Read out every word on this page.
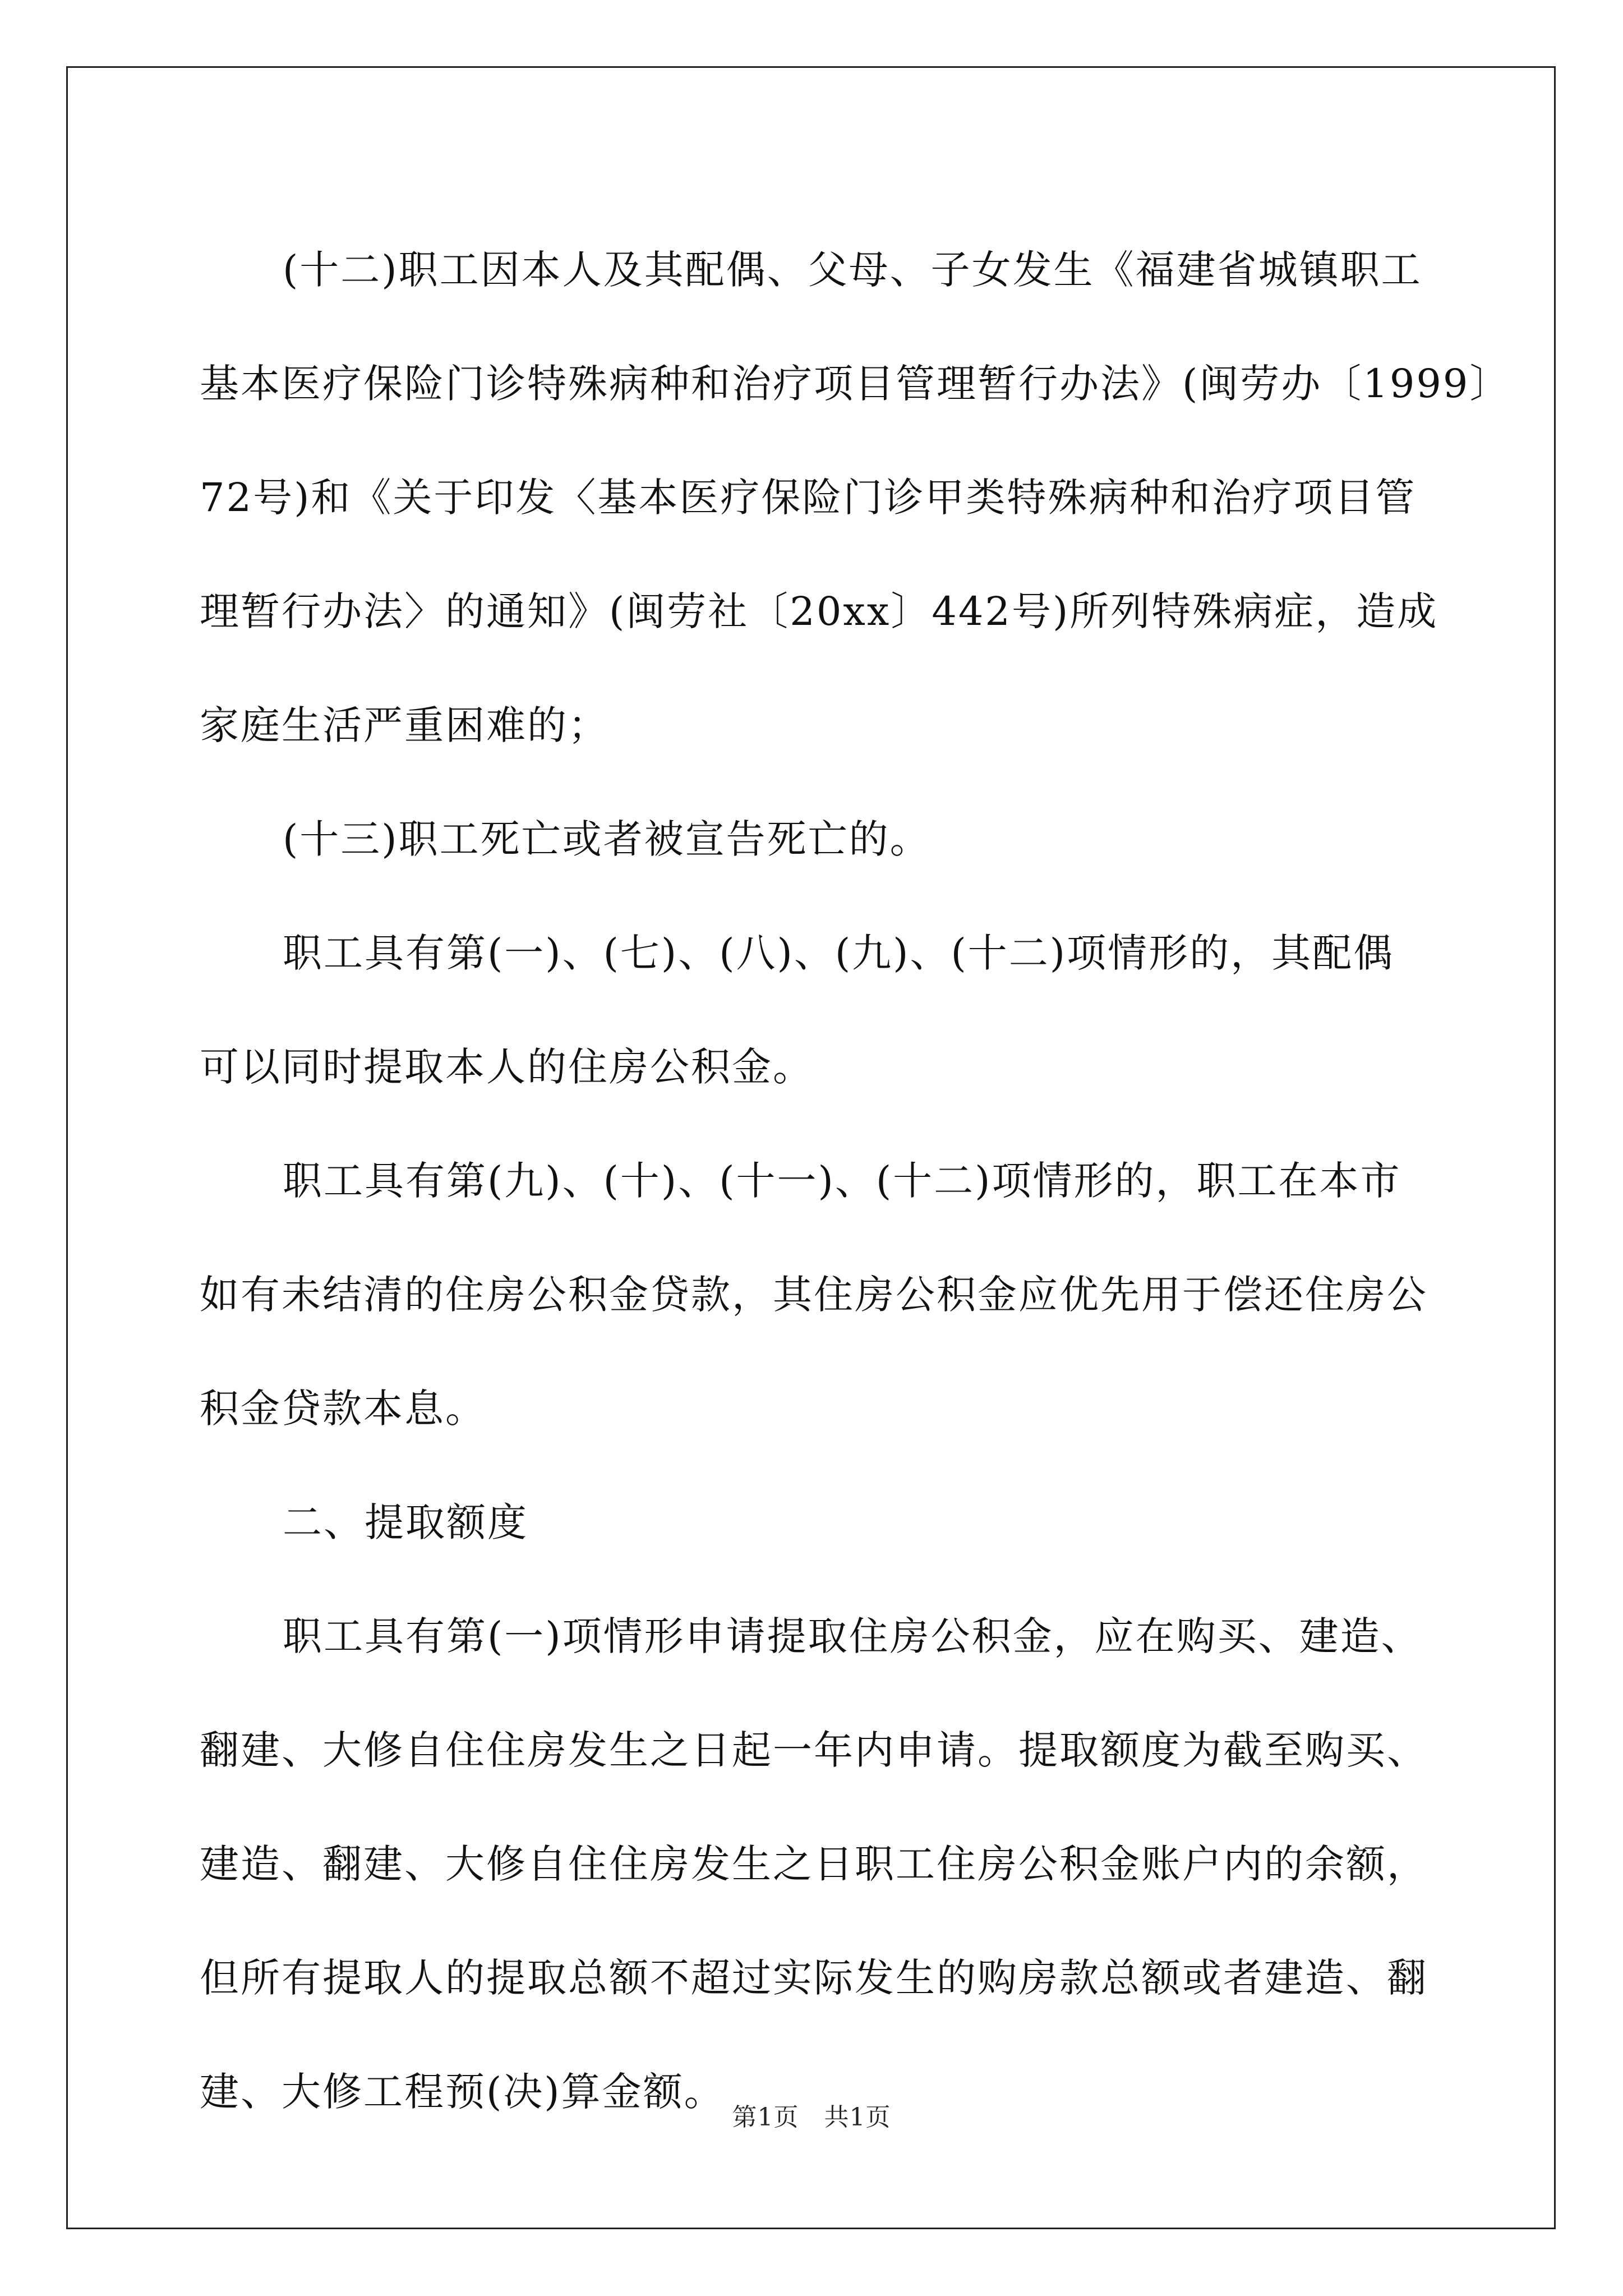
(十二)职工因本人及其配偶、父母、子女发生《福建省城镇职工
基本医疗保险门诊特殊病种和治疗项目管理暂行办法》(闽劳办〔1999〕
72号)和《关于印发〈基本医疗保险门诊甲类特殊病种和治疗项目管
理暂行办法〉的通知》(闽劳社〔20xx〕442号)所列特殊病症，造成
家庭生活严重困难的；

(十三)职工死亡或者被宣告死亡的。

职工具有第(一)、(七)、(八)、(九)、(十二)项情形的，其配偶
可以同时提取本人的住房公积金。

职工具有第(九)、(十)、(十一)、(十二)项情形的，职工在本市
如有未结清的住房公积金贷款，其住房公积金应优先用于偿还住房公
积金贷款本息。

二、提取额度

职工具有第(一)项情形申请提取住房公积金，应在购买、建造、
翻建、大修自住住房发生之日起一年内申请。提取额度为截至购买、
建造、翻建、大修自住住房发生之日职工住房公积金账户内的余额，
但所有提取人的提取总额不超过实际发生的购房款总额或者建造、翻
建、大修工程预(决)算金额。

第1页　共1页
